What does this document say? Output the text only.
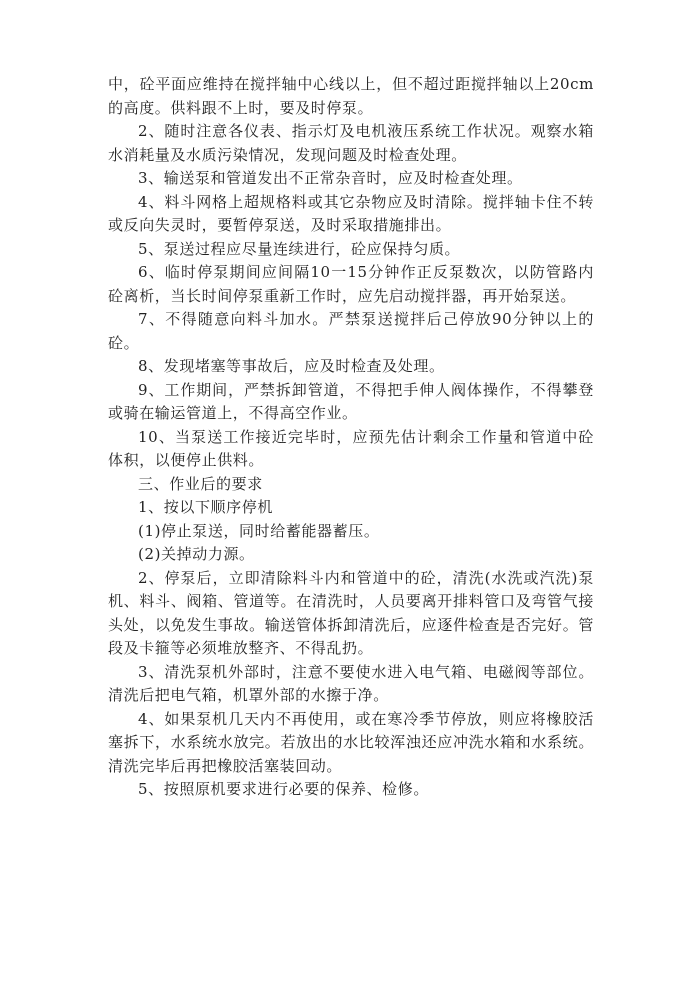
中，砼平面应维持在搅拌轴中心线以上，但不超过距搅拌轴以上20cm的高度。供料跟不上时，要及时停泵。

2、随时注意各仪表、指示灯及电机液压系统工作状况。观察水箱水消耗量及水质污染情况，发现问题及时检查处理。

3、输送泵和管道发出不正常杂音时，应及时检查处理。

4、料斗网格上超规格料或其它杂物应及时清除。搅拌轴卡住不转或反向失灵时，要暂停泵送，及时采取措施排出。

5、泵送过程应尽量连续进行，砼应保持匀质。

6、临时停泵期间应间隔10一15分钟作正反泵数次，以防管路内砼离析，当长时间停泵重新工作时，应先启动搅拌器，再开始泵送。

7、不得随意向料斗加水。严禁泵送搅拌后己停放90分钟以上的砼。

8、发现堵塞等事故后，应及时检查及处理。

9、工作期间，严禁拆卸管道，不得把手伸人阀体操作，不得攀登或骑在输运管道上，不得高空作业。

10、当泵送工作接近完毕时，应预先估计剩余工作量和管道中砼体积，以便停止供料。

三、作业后的要求

1、按以下顺序停机

(1)停止泵送，同时给蓄能器蓄压。

(2)关掉动力源。

2、停泵后，立即清除料斗内和管道中的砼，清洗(水洗或汽洗)泵机、料斗、阀箱、管道等。在清洗时，人员要离开排料管口及弯管气接头处，以免发生事故。输送管体拆卸清洗后，应逐件检查是否完好。管段及卡箍等必须堆放整齐、不得乱扔。

3、清洗泵机外部时，注意不要使水进入电气箱、电磁阀等部位。清洗后把电气箱，机罩外部的水擦于净。

4、如果泵机几天内不再使用，或在寒冷季节停放，则应将橡胶活塞拆下，水系统水放完。若放出的水比较浑浊还应冲洗水箱和水系统。清洗完毕后再把橡胶活塞装回动。

5、按照原机要求进行必要的保养、检修。
